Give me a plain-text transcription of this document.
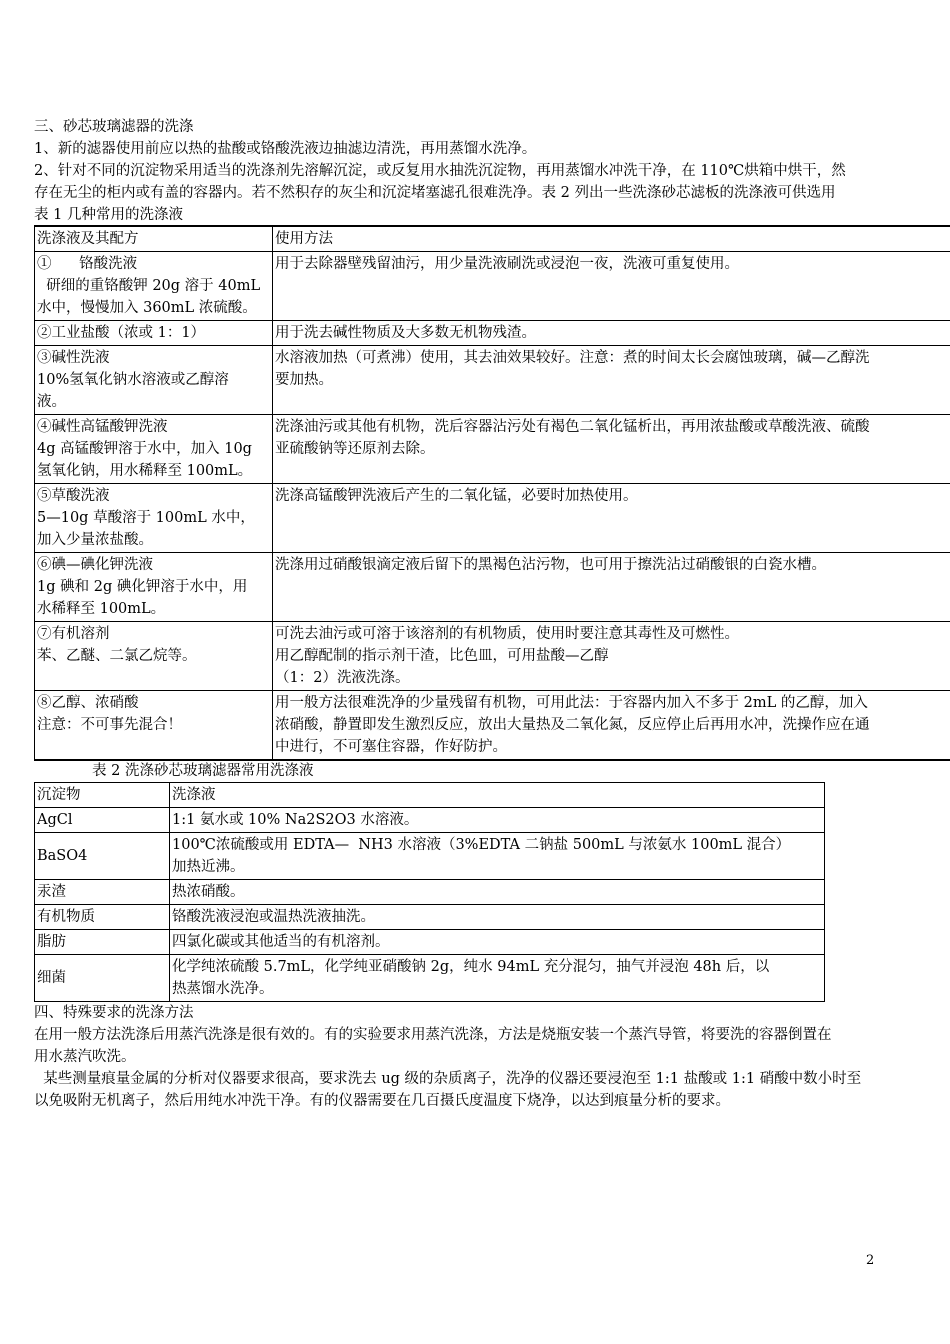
三、砂芯玻璃滤器的洗涤

1、新的滤器使用前应以热的盐酸或铬酸洗液边抽滤边清洗，再用蒸馏水洗净。

2、针对不同的沉淀物采用适当的洗涤剂先溶解沉淀，或反复用水抽洗沉淀物，再用蒸馏水冲洗干净，在 110℃烘箱中烘干，然

存在无尘的柜内或有盖的容器内。若不然积存的灰尘和沉淀堵塞滤孔很难洗净。表 2 列出一些洗涤砂芯滤板的洗涤液可供选用

表 1 几种常用的洗涤液

洗涤液及其配方	使用方法

①      铬酸洗液
研细的重铬酸钾 20g 溶于 40mL
水中，慢慢加入 360mL 浓硫酸。	用于去除器壁残留油污，用少量洗液刷洗或浸泡一夜，洗液可重复使用。

②工业盐酸（浓或 1：1）	用于洗去碱性物质及大多数无机物残渣。

③碱性洗液
10%氢氧化钠水溶液或乙醇溶
液。	水溶液加热（可煮沸）使用，其去油效果较好。注意：煮的时间太长会腐蚀玻璃，碱—乙醇洗
要加热。

④碱性高锰酸钾洗液
4g 高锰酸钾溶于水中，加入 10g
氢氧化钠，用水稀释至 100mL。	洗涤油污或其他有机物，洗后容器沾污处有褐色二氧化锰析出，再用浓盐酸或草酸洗液、硫酸
亚硫酸钠等还原剂去除。

⑤草酸洗液
5—10g 草酸溶于 100mL 水中，
加入少量浓盐酸。	洗涤高锰酸钾洗液后产生的二氧化锰，必要时加热使用。

⑥碘—碘化钾洗液
1g 碘和 2g 碘化钾溶于水中，用
水稀释至 100mL。	洗涤用过硝酸银滴定液后留下的黑褐色沾污物，也可用于擦洗沾过硝酸银的白瓷水槽。

⑦有机溶剂
苯、乙醚、二氯乙烷等。	可洗去油污或可溶于该溶剂的有机物质，使用时要注意其毒性及可燃性。
用乙醇配制的指示剂干渣，比色皿，可用盐酸—乙醇
（1：2）洗液洗涤。

⑧乙醇、浓硝酸
注意：不可事先混合！	用一般方法很难洗净的少量残留有机物，可用此法：于容器内加入不多于 2mL 的乙醇，加入
浓硝酸，静置即发生激烈反应，放出大量热及二氧化氮，反应停止后再用水冲，洗操作应在通
中进行，不可塞住容器，作好防护。

表 2 洗涤砂芯玻璃滤器常用洗涤液

沉淀物	洗涤液
AgCl	1:1 氨水或 10% Na2S2O3 水溶液。

BaSO4	100℃浓硫酸或用 EDTA—  NH3 水溶液（3%EDTA 二钠盐 500mL 与浓氨水 100mL 混合）
加热近沸。

汞渣	热浓硝酸。

有机物质	铬酸洗液浸泡或温热洗液抽洗。

脂肪	四氯化碳或其他适当的有机溶剂。

细菌	化学纯浓硫酸 5.7mL，化学纯亚硝酸钠 2g，纯水 94mL 充分混匀，抽气并浸泡 48h 后，以
热蒸馏水洗净。

四、特殊要求的洗涤方法

在用一般方法洗涤后用蒸汽洗涤是很有效的。有的实验要求用蒸汽洗涤，方法是烧瓶安装一个蒸汽导管，将要洗的容器倒置在

用水蒸汽吹洗。

某些测量痕量金属的分析对仪器要求很高，要求洗去 ug 级的杂质离子，洗净的仪器还要浸泡至 1:1 盐酸或 1:1 硝酸中数小时至

以免吸附无机离子，然后用纯水冲洗干净。有的仪器需要在几百摄氏度温度下烧净，以达到痕量分析的要求。

2
